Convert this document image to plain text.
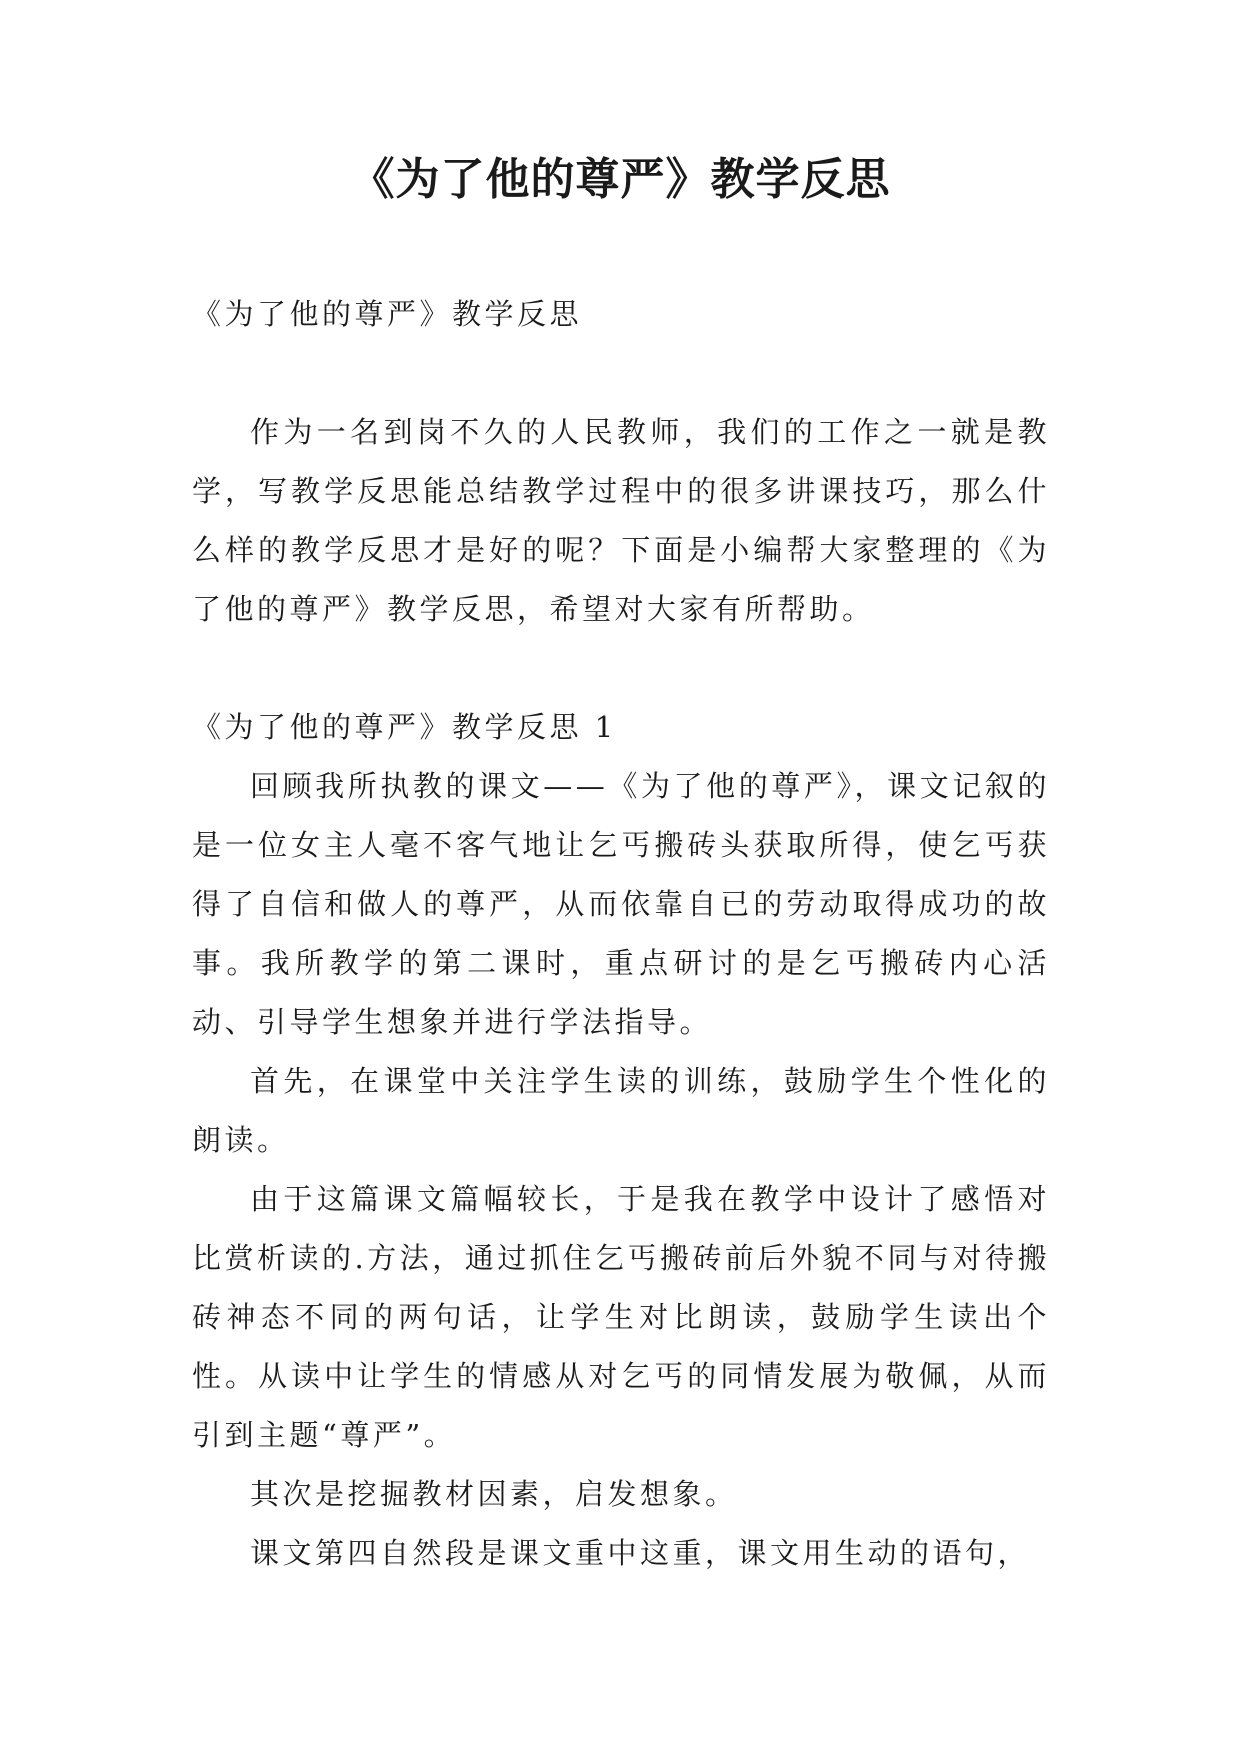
《为了他的尊严》教学反思

《为了他的尊严》教学反思

作为一名到岗不久的人民教师，我们的工作之一就是教学，写教学反思能总结教学过程中的很多讲课技巧，那么什么样的教学反思才是好的呢？下面是小编帮大家整理的《为了他的尊严》教学反思，希望对大家有所帮助。

《为了他的尊严》教学反思 1

回顾我所执教的课文——《为了他的尊严》，课文记叙的是一位女主人毫不客气地让乞丐搬砖头获取所得，使乞丐获得了自信和做人的尊严，从而依靠自已的劳动取得成功的故事。我所教学的第二课时，重点研讨的是乞丐搬砖内心活动、引导学生想象并进行学法指导。

首先，在课堂中关注学生读的训练，鼓励学生个性化的朗读。

由于这篇课文篇幅较长，于是我在教学中设计了感悟对比赏析读的.方法，通过抓住乞丐搬砖前后外貌不同与对待搬砖神态不同的两句话，让学生对比朗读，鼓励学生读出个性。从读中让学生的情感从对乞丐的同情发展为敬佩，从而引到主题“尊严”。

其次是挖掘教材因素，启发想象。

课文第四自然段是课文重中这重，课文用生动的语句，
